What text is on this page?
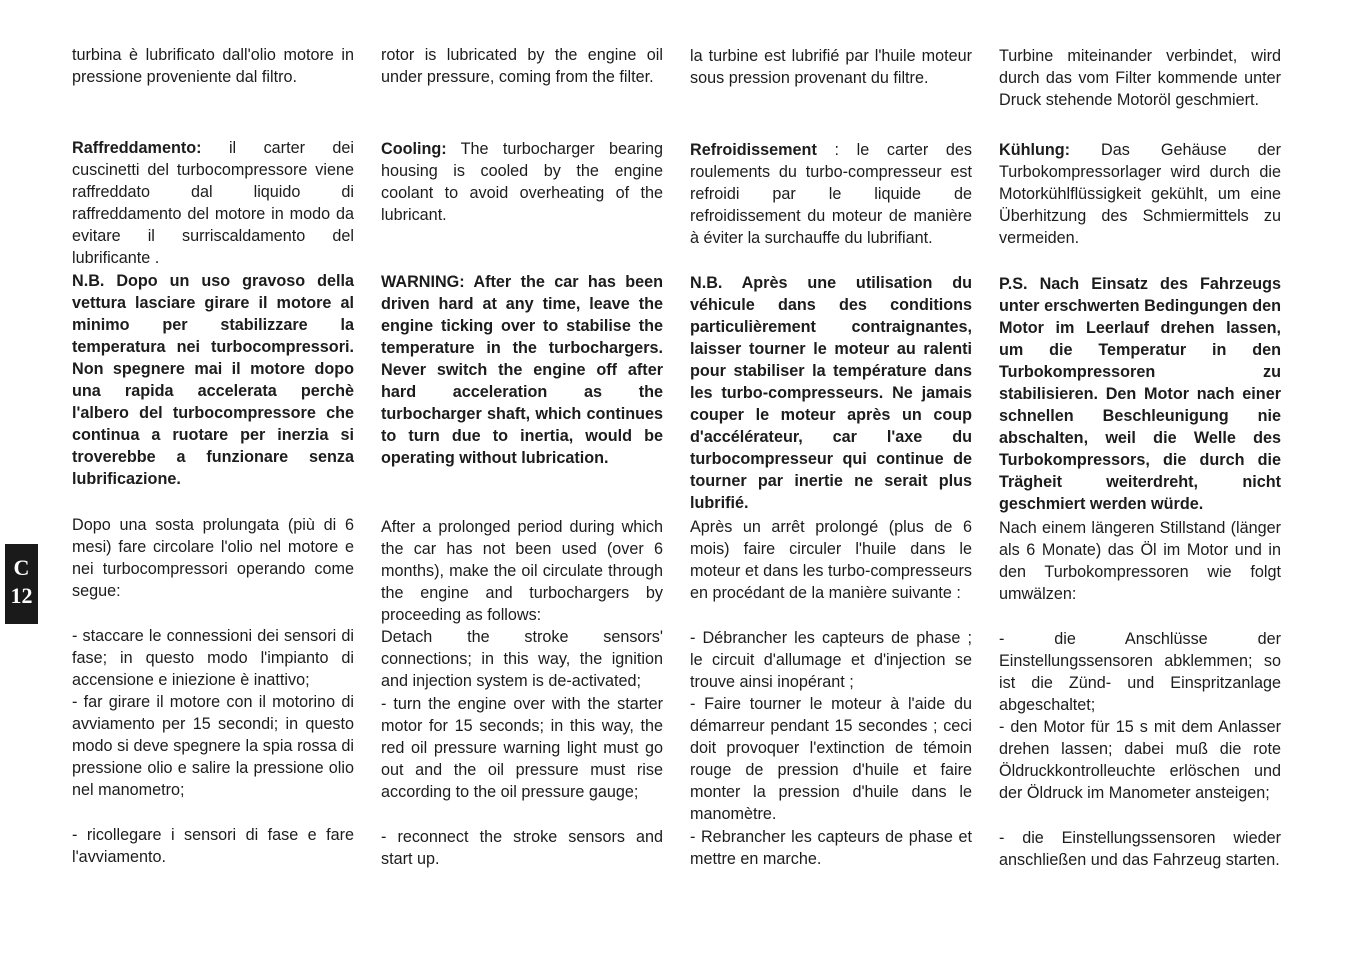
C
12

turbina è lubrificato dall'olio motore in pressione proveniente dal filtro.

Raffreddamento: il carter dei cuscinetti del turbocompressore viene raffreddato dal liquido di raffreddamento del motore in modo da evitare il surriscaldamento del lubrificante .

N.B. Dopo un uso gravoso della vettura lasciare girare il motore al minimo per stabilizzare la temperatura nei turbocompressori. Non spegnere mai il motore dopo una rapida accelerata perchè l'albero del turbocompressore che continua a ruotare per inerzia si troverebbe a funzionare senza lubrificazione.

Dopo una sosta prolungata (più di 6 mesi) fare circolare l'olio nel motore e nei turbocompressori operando come segue:

- staccare le connessioni dei sensori di fase; in questo modo l'impianto di accensione e iniezione è inattivo;

- far girare il motore con il motorino di avviamento per 15 secondi; in questo modo si deve spegnere la spia rossa di pressione olio e salire la pressione olio nel manometro;

- ricollegare i sensori di fase e fare l'avviamento.

rotor is lubricated by the engine oil under pressure, coming from the filter.

Cooling: The turbocharger bearing housing is cooled by the engine coolant to avoid overheating of the lubricant.

WARNING: After the car has been driven hard at any time, leave the engine ticking over to stabilise the temperature in the turbochargers. Never switch the engine off after hard acceleration as the turbocharger shaft, which continues to turn due to inertia, would be operating without lubrication.

After a prolonged period during which the car has not been used (over 6 months), make the oil circulate through the engine and turbochargers by proceeding as follows:

Detach the stroke sensors' connections; in this way, the ignition and injection system is de-activated;

- turn the engine over with the starter motor for 15 seconds; in this way, the red oil pressure warning light must go out and the oil pressure must rise according to the oil pressure gauge;

- reconnect the stroke sensors and start up.

la turbine est lubrifié par l'huile moteur sous pression provenant du filtre.

Refroidissement : le carter des roulements du turbo-compresseur est refroidi par le liquide de refroidissement du moteur de manière à éviter la surchauffe du lubrifiant.

N.B. Après une utilisation du véhicule dans des conditions particulièrement contraignantes, laisser tourner le moteur au ralenti pour stabiliser la température dans les turbo-compresseurs. Ne jamais couper le moteur après un coup d'accélérateur, car l'axe du turbocompresseur qui continue de tourner par inertie ne serait plus lubrifié.

Après un arrêt prolongé (plus de 6 mois) faire circuler l'huile dans le moteur et dans les turbo-compresseurs en procédant de la manière suivante :

- Débrancher les capteurs de phase ; le circuit d'allumage et d'injection se trouve ainsi inopérant ;

- Faire tourner le moteur à l'aide du démarreur pendant 15 secondes ; ceci doit provoquer l'extinction de témoin rouge de pression d'huile et faire monter la pression d'huile dans le manomètre.

- Rebrancher les capteurs de phase et mettre en marche.

Turbine miteinander verbindet, wird durch das vom Filter kommende unter Druck stehende Motoröl geschmiert.

Kühlung: Das Gehäuse der Turbokompressorlager wird durch die Motorkühlflüssigkeit gekühlt, um eine Überhitzung des Schmiermittels zu vermeiden.

P.S. Nach Einsatz des Fahrzeugs unter erschwerten Bedingungen den Motor im Leerlauf drehen lassen, um die Temperatur in den Turbokompressoren zu stabilisieren. Den Motor nach einer schnellen Beschleunigung nie abschalten, weil die Welle des Turbokompressors, die durch die Trägheit weiterdreht, nicht geschmiert werden würde.

Nach einem längeren Stillstand (länger als 6 Monate) das Öl im Motor und in den Turbokompressoren wie folgt umwälzen:

- die Anschlüsse der Einstellungssensoren abklemmen; so ist die Zünd- und Einspritzanlage abgeschaltet;

- den Motor für 15 s mit dem Anlasser drehen lassen; dabei muß die rote Öldruckkontrolleuchte erlöschen und der Öldruck im Manometer ansteigen;

- die Einstellungssensoren wieder anschließen und das Fahrzeug starten.
